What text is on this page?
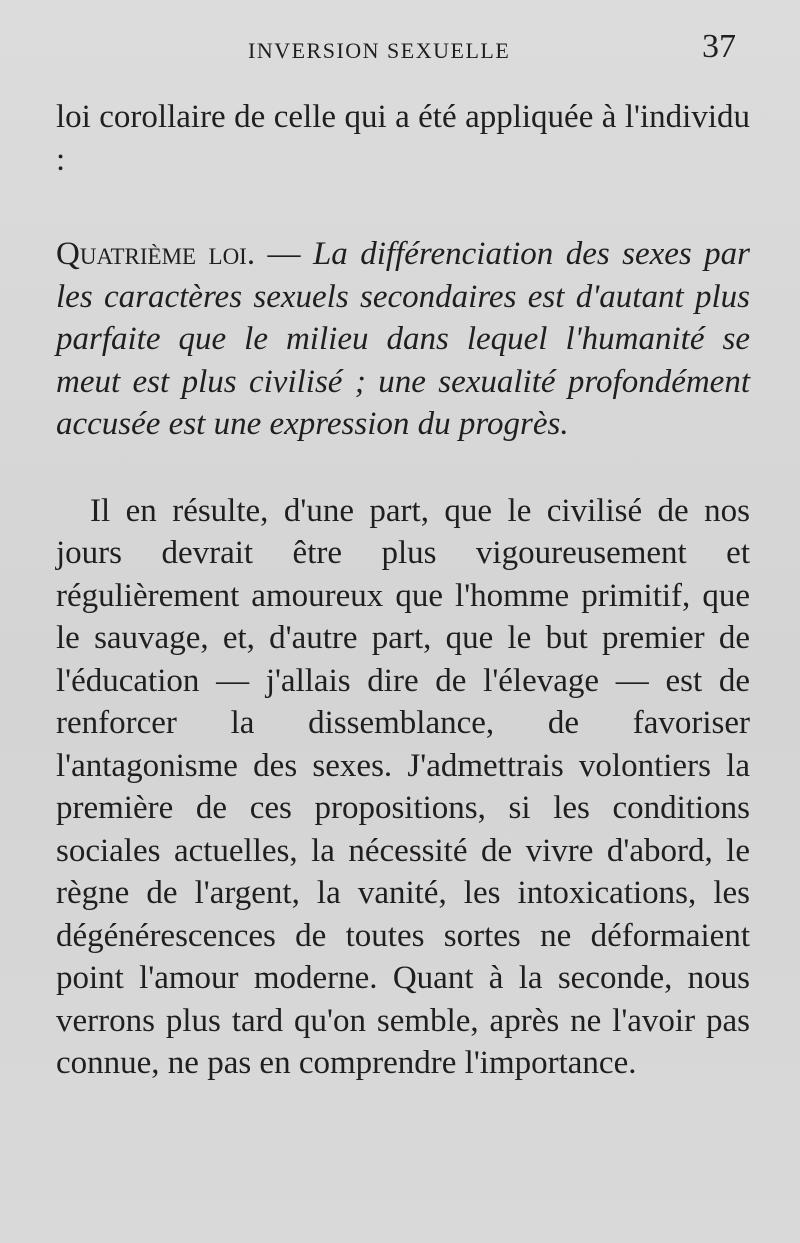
INVERSION SEXUELLE	37

loi corollaire de celle qui a été appliquée à l'individu :

Quatrième loi. — La différenciation des sexes par les caractères sexuels secondaires est d'autant plus parfaite que le milieu dans lequel l'humanité se meut est plus civilisé ; une sexualité profondément accusée est une expression du progrès.

Il en résulte, d'une part, que le civilisé de nos jours devrait être plus vigoureusement et régulièrement amoureux que l'homme primitif, que le sauvage, et, d'autre part, que le but premier de l'éducation — j'allais dire de l'élevage — est de renforcer la dissemblance, de favoriser l'antagonisme des sexes. J'admettrais volontiers la première de ces propositions, si les conditions sociales actuelles, la nécessité de vivre d'abord, le règne de l'argent, la vanité, les intoxications, les dégénérescences de toutes sortes ne déformaient point l'amour moderne. Quant à la seconde, nous verrons plus tard qu'on semble, après ne l'avoir pas connue, ne pas en comprendre l'importance.
